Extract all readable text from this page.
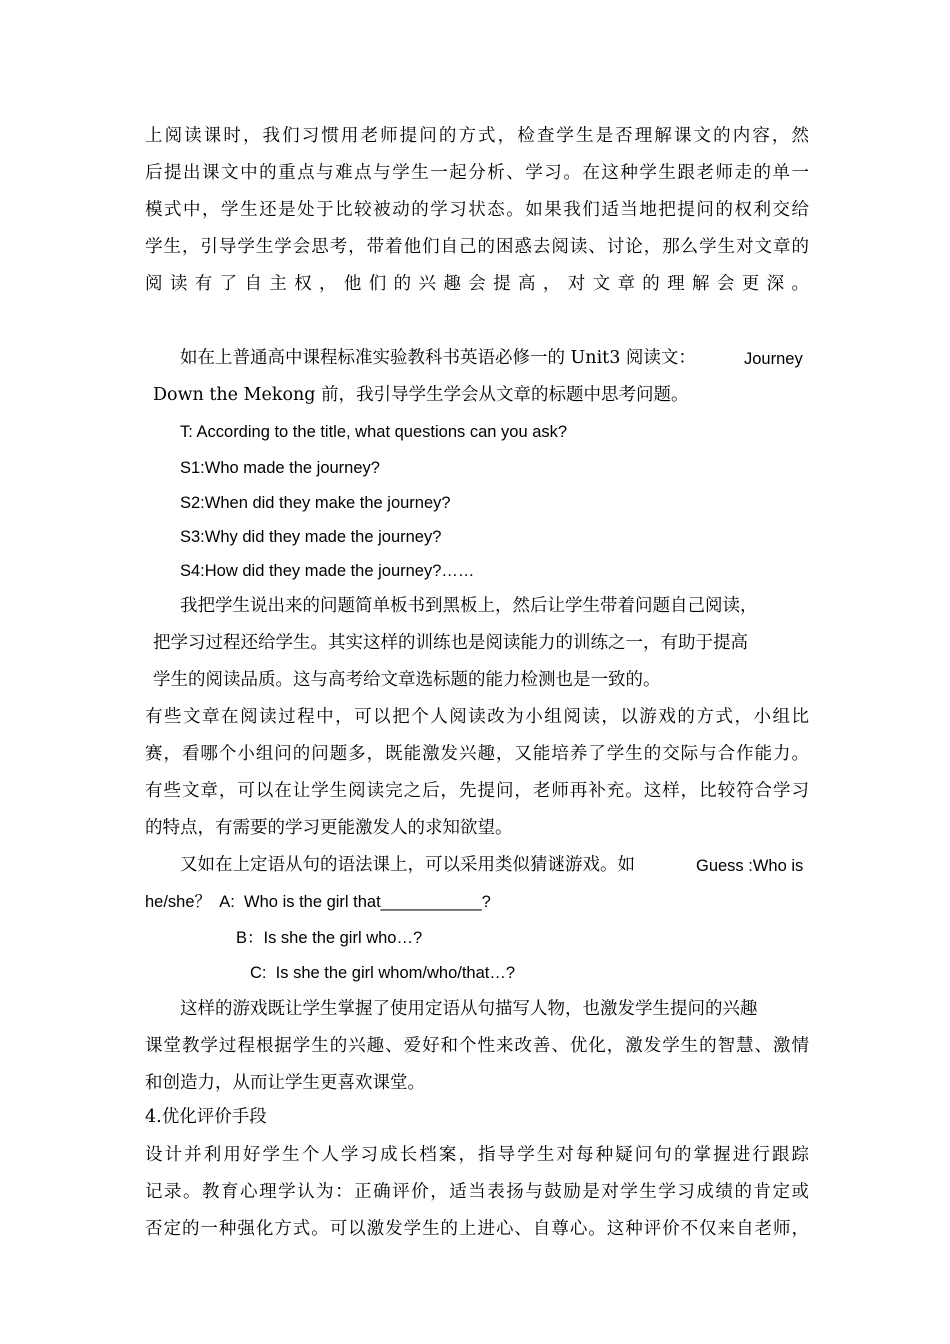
上阅读课时，我们习惯用老师提问的方式，检查学生是否理解课文的内容，然
后提出课文中的重点与难点与学生一起分析、学习。在这种学生跟老师走的单一
模式中，学生还是处于比较被动的学习状态。如果我们适当地把提问的权利交给
学生，引导学生学会思考，带着他们自己的困惑去阅读、讨论，那么学生对文章的
阅读有了自主权，他们的兴趣会提高，对文章的理解会更深。
如在上普通高中课程标准实验教科书英语必修一的 Unit3 阅读文：	Journey
Down the Mekong 前，我引导学生学会从文章的标题中思考问题。
T: According to the title, what questions can you ask?
S1:Who made the journey?
S2:When did they make the journey?
S3:Why did they made the journey?
S4:How did they made the journey?……
我把学生说出来的问题简单板书到黑板上，然后让学生带着问题自己阅读，
把学习过程还给学生。其实这样的训练也是阅读能力的训练之一，有助于提高
学生的阅读品质。这与高考给文章选标题的能力检测也是一致的。
有些文章在阅读过程中，可以把个人阅读改为小组阅读，以游戏的方式，小组比
赛，看哪个小组问的问题多，既能激发兴趣，又能培养了学生的交际与合作能力。
有些文章，可以在让学生阅读完之后，先提问，老师再补充。这样，比较符合学习
的特点，有需要的学习更能激发人的求知欲望。
又如在上定语从句的语法课上，可以采用类似猜谜游戏。如	Guess :Who is
he/she？  A:  Who is the girl that___________?
B：Is she the girl who…?
C:  Is she the girl whom/who/that…?
这样的游戏既让学生掌握了使用定语从句描写人物，也激发学生提问的兴趣
课堂教学过程根据学生的兴趣、爱好和个性来改善、优化，激发学生的智慧、激情
和创造力，从而让学生更喜欢课堂。
4.优化评价手段
设计并利用好学生个人学习成长档案，指导学生对每种疑问句的掌握进行跟踪
记录。教育心理学认为：正确评价，适当表扬与鼓励是对学生学习成绩的肯定或
否定的一种强化方式。可以激发学生的上进心、自尊心。这种评价不仅来自老师，
